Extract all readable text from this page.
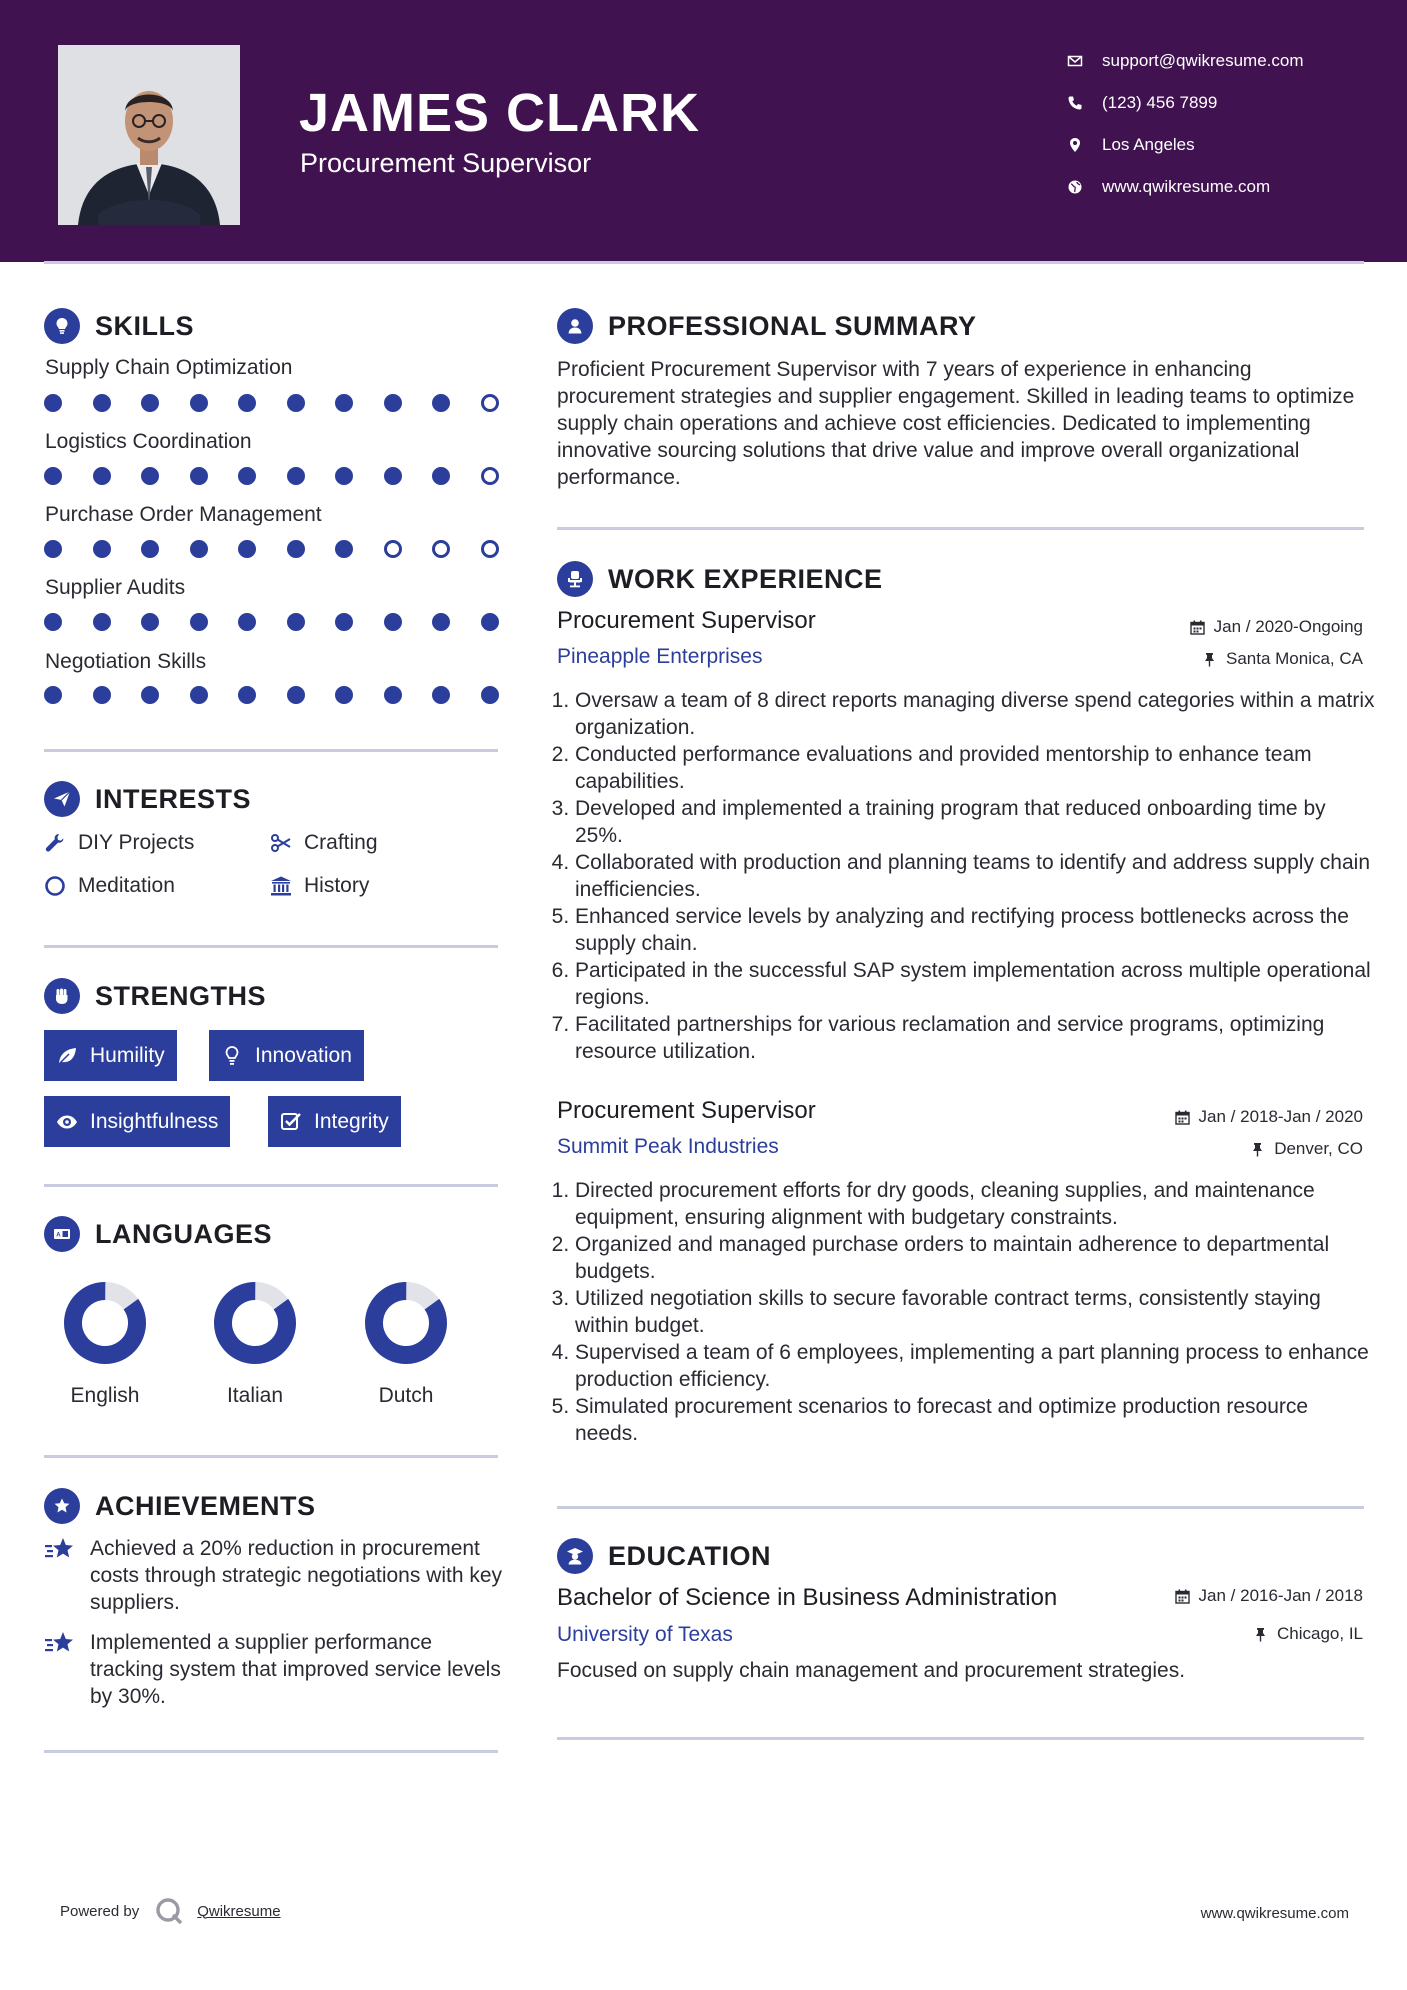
JAMES CLARK
Procurement Supervisor
support@qwikresume.com
(123) 456 7899
Los Angeles
www.qwikresume.com
SKILLS
Supply Chain Optimization
Logistics Coordination
Purchase Order Management
Supplier Audits
Negotiation Skills
INTERESTS
DIY Projects	Crafting
Meditation	History
STRENGTHS
Humility	Innovation
Insightfulness	Integrity
A LANGUAGES
English	Italian	Dutch
ACHIEVEMENTS
Achieved a 20% reduction in procurement costs through strategic negotiations with key suppliers.
Implemented a supplier performance tracking system that improved service levels by 30%.
PROFESSIONAL SUMMARY
Proficient Procurement Supervisor with 7 years of experience in enhancing procurement strategies and supplier engagement. Skilled in leading teams to optimize supply chain operations and achieve cost efficiencies. Dedicated to implementing innovative sourcing solutions that drive value and improve overall organizational performance.
WORK EXPERIENCE
Procurement Supervisor	Jan / 2020-Ongoing
Pineapple Enterprises	Santa Monica, CA
1. Oversaw a team of 8 direct reports managing diverse spend categories within a matrix organization.
2. Conducted performance evaluations and provided mentorship to enhance team capabilities.
3. Developed and implemented a training program that reduced onboarding time by 25%.
4. Collaborated with production and planning teams to identify and address supply chain inefficiencies.
5. Enhanced service levels by analyzing and rectifying process bottlenecks across the supply chain.
6. Participated in the successful SAP system implementation across multiple operational regions.
7. Facilitated partnerships for various reclamation and service programs, optimizing resource utilization.
Procurement Supervisor	Jan / 2018-Jan / 2020
Summit Peak Industries	Denver, CO
1. Directed procurement efforts for dry goods, cleaning supplies, and maintenance equipment, ensuring alignment with budgetary constraints.
2. Organized and managed purchase orders to maintain adherence to departmental budgets.
3. Utilized negotiation skills to secure favorable contract terms, consistently staying within budget.
4. Supervised a team of 6 employees, implementing a part planning process to enhance production efficiency.
5. Simulated procurement scenarios to forecast and optimize production resource needs.
EDUCATION
Bachelor of Science in Business Administration	Jan / 2016-Jan / 2018
University of Texas	Chicago, IL
Focused on supply chain management and procurement strategies.
Powered by	Qwikresume	www.qwikresume.com
